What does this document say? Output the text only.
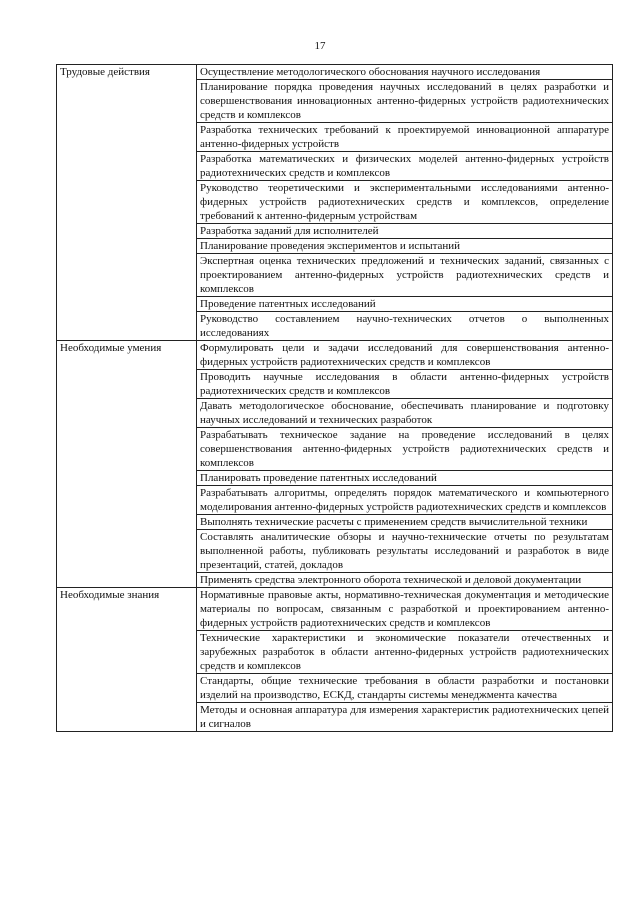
17
Трудовые действия	Осуществление методологического обоснования научного исследования
	Планирование порядка проведения научных исследований в целях разработки и совершенствования инновационных антенно-фидерных устройств радиотехнических средств и комплексов
	Разработка технических требований к проектируемой инновационной аппаратуре антенно-фидерных устройств
	Разработка математических и физических моделей антенно-фидерных устройств радиотехнических средств и комплексов
	Руководство теоретическими и экспериментальными исследованиями антенно-фидерных устройств радиотехнических средств и комплексов, определение требований к антенно-фидерным устройствам
	Разработка заданий для исполнителей
	Планирование проведения экспериментов и испытаний
	Экспертная оценка технических предложений и технических заданий, связанных с проектированием антенно-фидерных устройств радиотехнических средств и комплексов
	Проведение патентных исследований
	Руководство составлением научно-технических отчетов о выполненных исследованиях
Необходимые умения	Формулировать цели и задачи исследований для совершенствования антенно-фидерных устройств радиотехнических средств и комплексов
	Проводить научные исследования в области антенно-фидерных устройств радиотехнических средств и комплексов
	Давать методологическое обоснование, обеспечивать планирование и подготовку научных исследований и технических разработок
	Разрабатывать техническое задание на проведение исследований в целях совершенствования антенно-фидерных устройств радиотехнических средств и комплексов
	Планировать проведение патентных исследований
	Разрабатывать алгоритмы, определять порядок математического и компьютерного моделирования антенно-фидерных устройств радиотехнических средств и комплексов
	Выполнять технические расчеты с применением средств вычислительной техники
	Составлять аналитические обзоры и научно-технические отчеты по результатам выполненной работы, публиковать результаты исследований и разработок в виде презентаций, статей, докладов
	Применять средства электронного оборота технической и деловой документации
Необходимые знания	Нормативные правовые акты, нормативно-техническая документация и методические материалы по вопросам, связанным с разработкой и проектированием антенно-фидерных устройств радиотехнических средств и комплексов
	Технические характеристики и экономические показатели отечественных и зарубежных разработок в области антенно-фидерных устройств радиотехнических средств и комплексов
	Стандарты, общие технические требования в области разработки и постановки изделий на производство, ЕСКД, стандарты системы менеджмента качества
	Методы и основная аппаратура для измерения характеристик радиотехнических цепей и сигналов
